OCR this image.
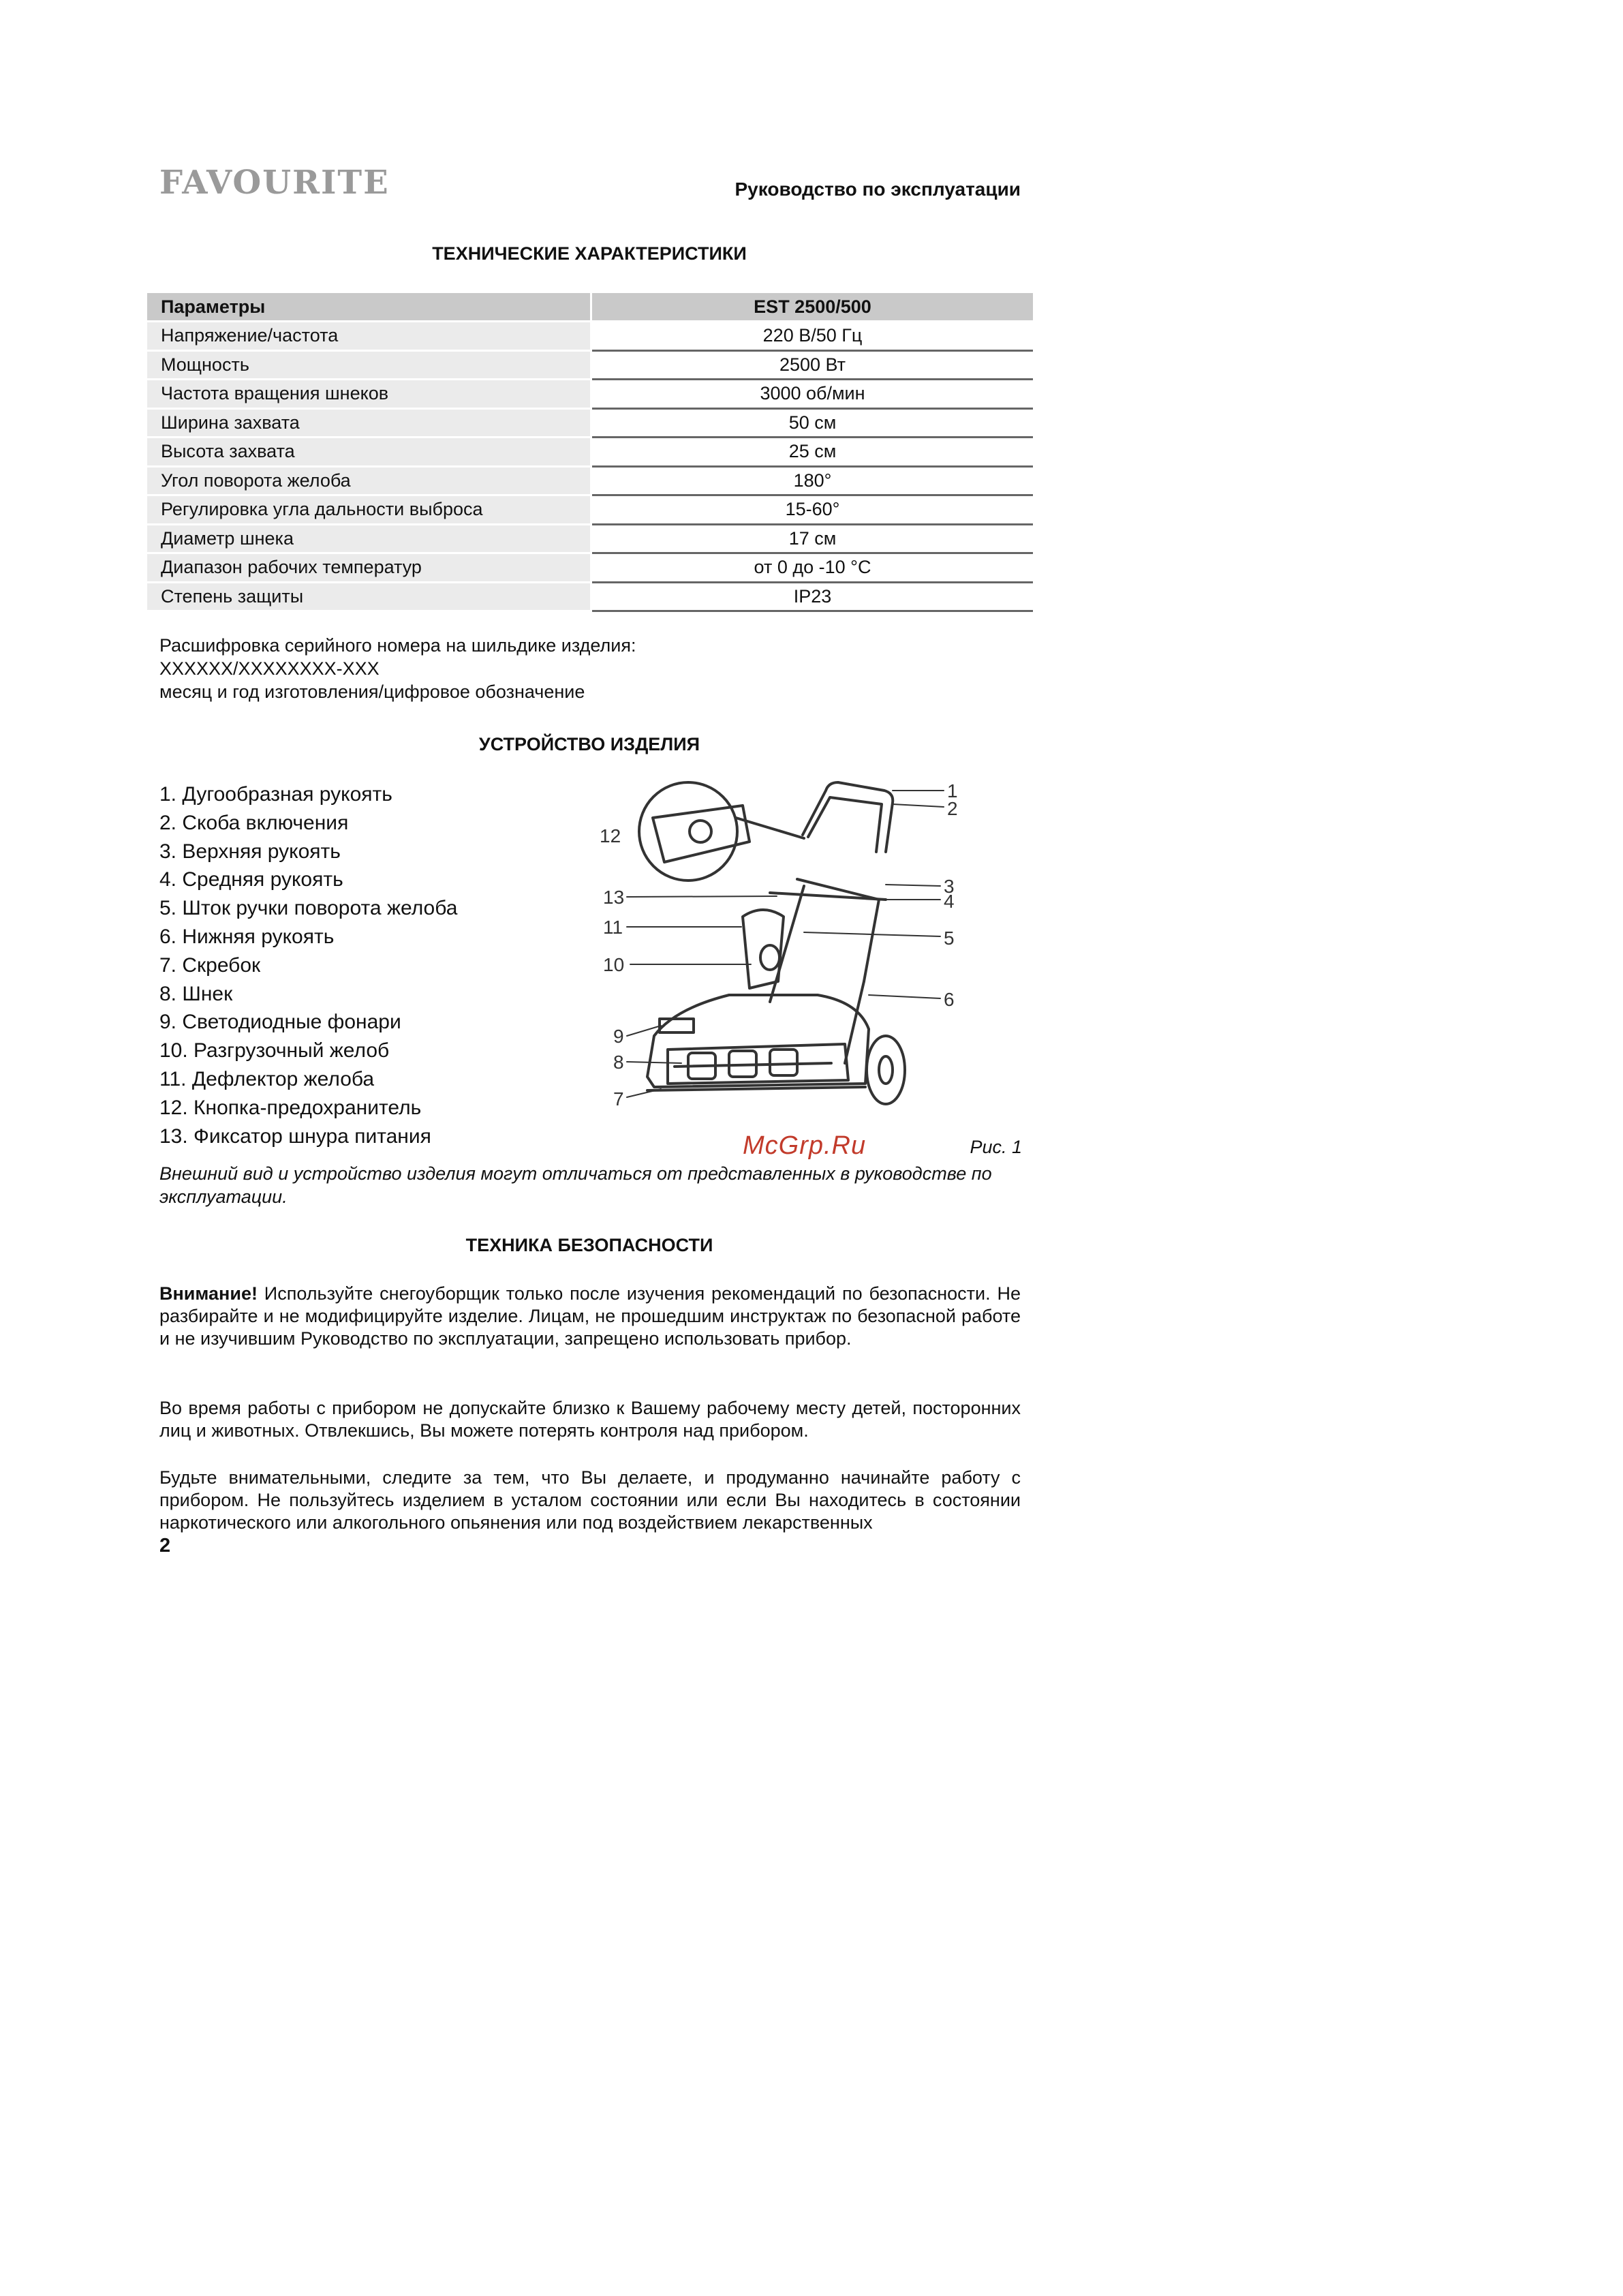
FAVOURITE	Руководство по эксплуатации
ТЕХНИЧЕСКИЕ ХАРАКТЕРИСТИКИ
Параметры	EST 2500/500
Напряжение/частота	220 В/50 Гц
Мощность	2500 Вт
Частота вращения шнеков	3000 об/мин
Ширина захвата	50 см
Высота захвата	25 см
Угол поворота желоба	180°
Регулировка угла дальности выброса	15-60°
Диаметр шнека	17 см
Диапазон рабочих температур	от 0 до -10 °С
Степень защиты	IP23
Расшифровка серийного номера на шильдике изделия:
XXXXXX/XXXXXXXX-XXX
месяц и год изготовления/цифровое обозначение
УСТРОЙСТВО ИЗДЕЛИЯ
1. Дугообразная рукоять
2. Скоба включения
3. Верхняя рукоять
4. Средняя рукоять
5. Шток ручки поворота желоба
6. Нижняя рукоять
7. Скребок
8. Шнек
9. Светодиодные фонари
10. Разгрузочный желоб
11. Дефлектор желоба
12. Кнопка-предохранитель
13. Фиксатор шнура питания
1
2
3
4
5
6
7
8
9
10
11
12
13
McGrp.Ru	Рис. 1
Внешний вид и устройство изделия могут отличаться от представленных в руководстве по эксплуатации.
ТЕХНИКА БЕЗОПАСНОСТИ
Внимание! Используйте снегоуборщик только после изучения рекомендаций по безопасности. Не разбирайте и не модифицируйте изделие. Лицам, не прошедшим инструктаж по безопасной работе и не изучившим Руководство по эксплуатации, запрещено использовать прибор.
Во время работы с прибором не допускайте близко к Вашему рабочему месту детей, посторонних лиц и животных. Отвлекшись, Вы можете потерять контроля над прибором.
Будьте внимательными, следите за тем, что Вы делаете, и продуманно начинайте работу с прибором. Не пользуйтесь изделием в усталом состоянии или если Вы находитесь в состоянии наркотического или алкогольного опьянения или под воздействием лекарственных
2
